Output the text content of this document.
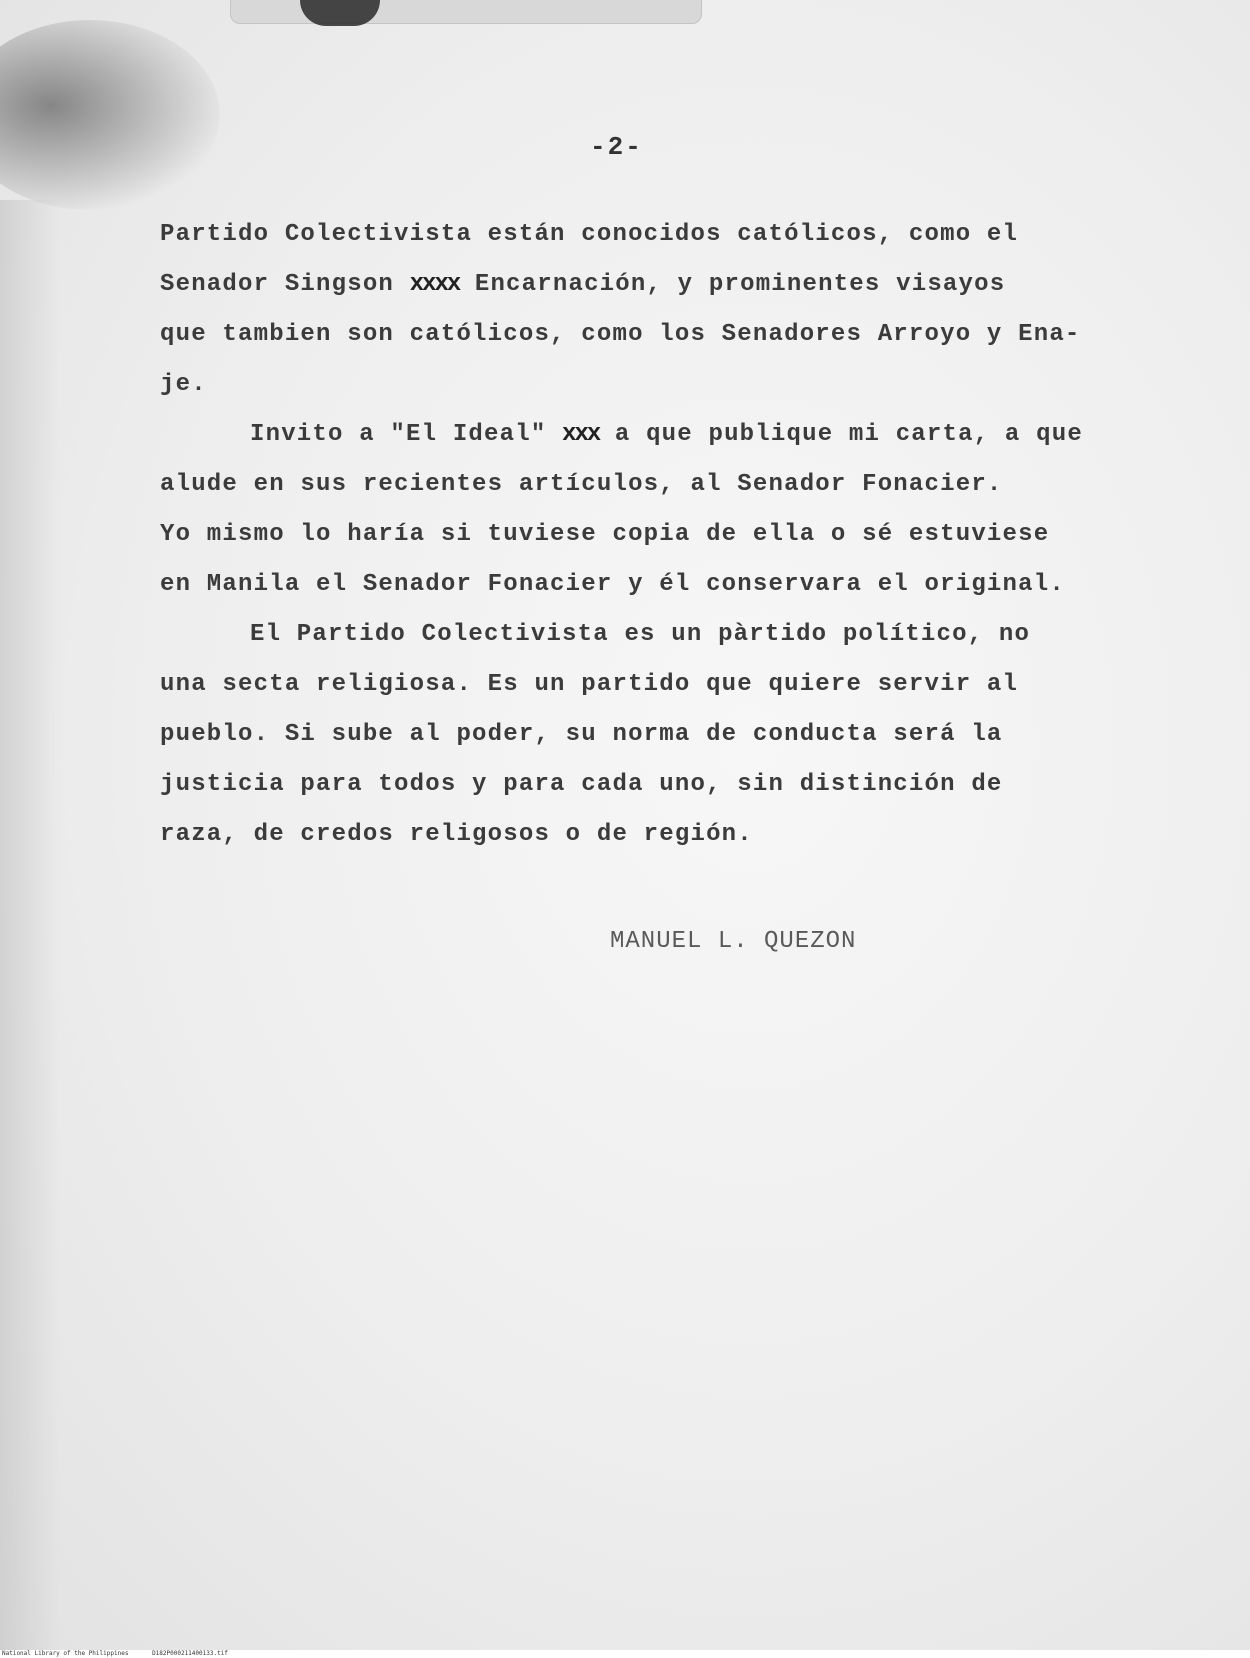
-2-
Partido Colectivista están conocidos católicos, como el
Senador Singson xxxx Encarnación, y prominentes visayos
que tambien son católicos, como los Senadores Arroyo y Ena-
je.
Invito a "El Ideal" xxx a que publique mi carta, a que
alude en sus recientes artículos, al Senador Fonacier.
Yo mismo lo haría si tuviese copia de ella o sé estuviese
en Manila el Senador Fonacier y él conservara el original.
El Partido Colectivista es un pàrtido político, no
una secta religiosa. Es un partido que quiere servir al
pueblo. Si sube al poder, su norma de conducta será la
justicia para todos y para cada uno, sin distinción de
raza, de credos religosos o de región.
MANUEL L. QUEZON
National Library of the Philippines	D182P000211400133.tif
